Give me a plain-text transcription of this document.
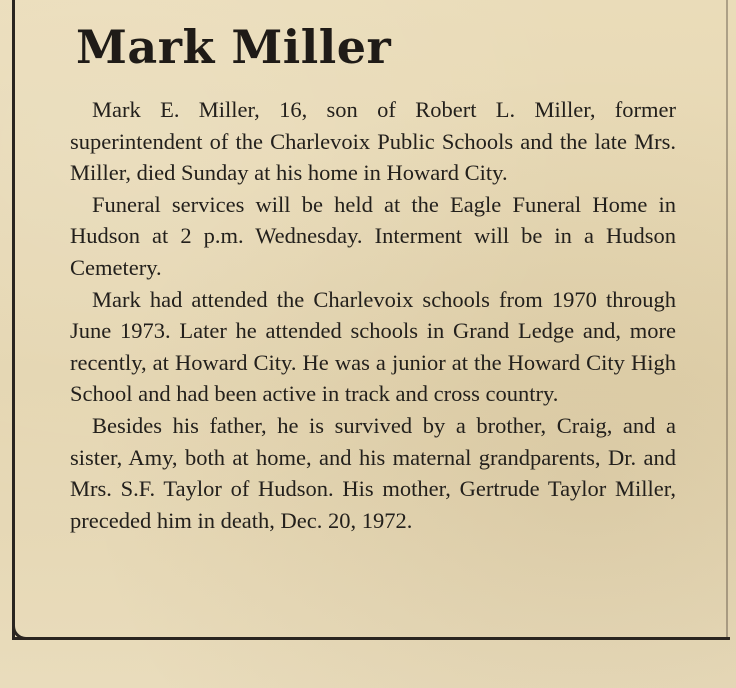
Mark Miller

Mark E. Miller, 16, son of Robert L. Miller, former superintendent of the Charlevoix Public Schools and the late Mrs. Miller, died Sunday at his home in Howard City.

Funeral services will be held at the Eagle Funeral Home in Hudson at 2 p.m. Wednesday. Interment will be in a Hudson Cemetery.

Mark had attended the Charlevoix schools from 1970 through June 1973. Later he attended schools in Grand Ledge and, more recently, at Howard City. He was a junior at the Howard City High School and had been active in track and cross country.

Besides his father, he is survived by a brother, Craig, and a sister, Amy, both at home, and his maternal grandparents, Dr. and Mrs. S.F. Taylor of Hudson. His mother, Gertrude Taylor Miller, preceded him in death, Dec. 20, 1972.
